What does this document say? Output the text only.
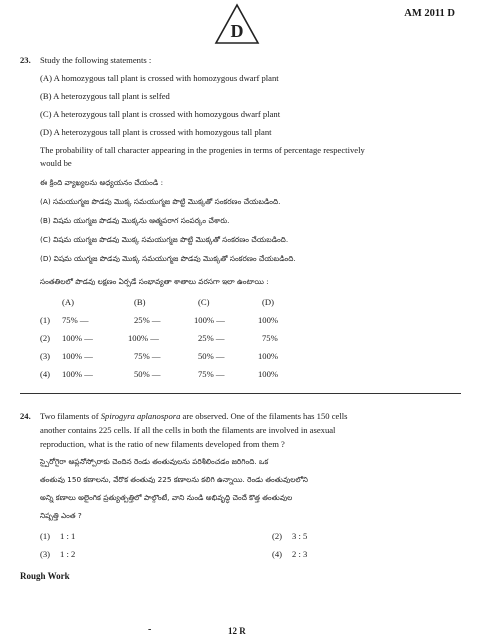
AM 2011 D
D
23. Study the following statements :
(A) A homozygous tall plant is crossed with homozygous dwarf plant
(B) A heterozygous tall plant is selfed
(C) A heterozygous tall plant is crossed with homozygous dwarf plant
(D) A heterozygous tall plant is crossed with homozygous tall plant
The probability of tall character appearing in the progenies in terms of percentage respectively
would be
ఈ క్రింది వ్యాఖ్యలను అధ్యయనం చేయండి :
(A) సమయుగ్మజ పొడవు మొక్క సమయుగ్మజ పొట్టి మొక్కతో సంకరణం చేయబడింది.
(B) విషమ యుగ్మజ పొడవు మొక్కను ఆత్మపరాగ సంపర్కం చేశారు.
(C) విషమ యుగ్మజ పొడవు మొక్క సమయుగ్మజ పొట్టి మొక్కతో సంకరణం చేయబడింది.
(D) విషమ యుగ్మజ పొడవు మొక్క సమయుగ్మజ పొడవు మొక్కతో సంకరణం చేయబడింది.
సంతతిలలో పొడవు లక్షణం ఏర్పడే సంభావ్యతా శాతాలు వరసగా ఇలా ఉంటాయి :
(A)	(B)	(C)	(D)
(1) 75% —	25% —	100% —	100%
(2) 100% —	100% —	25% —	75%
(3) 100% —	75% —	50% —	100%
(4) 100% —	50% —	75% —	100%
24. Two filaments of Spirogyra aplanospora are observed. One of the filaments has 150 cells
another contains 225 cells. If all the cells in both the filaments are involved in asexual
reproduction, what is the ratio of new filaments developed from them ?
స్పైరోగైరా అప్లనోస్పోరాకు చెందిన రెండు తంతువులను పరిశీలించడం జరిగింది. ఒక
తంతువు 150 కణాలను, వేరొక తంతువు 225 కణాలను కలిగి ఉన్నాయి. రెండు తంతువులలోని
అన్ని కణాలు అలైంగిక ప్రత్యుత్పత్తిలో పాల్గొంటే, వాని నుండి అభివృద్ధి చెందే కొత్త తంతువుల
నిష్పత్తి ఎంత ?
(1) 1 : 1	(2) 3 : 5
(3) 1 : 2	(4) 2 : 3
Rough Work
-	12 R
